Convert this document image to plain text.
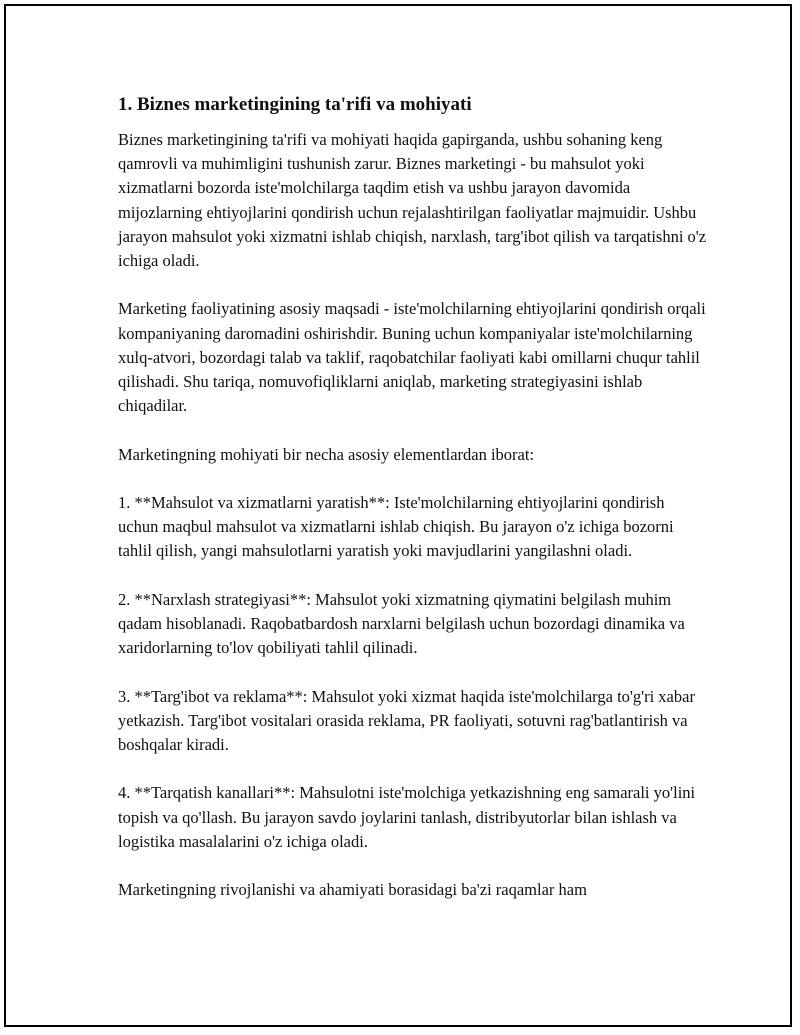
1. Biznes marketingining ta'rifi va mohiyati

Biznes marketingining ta'rifi va mohiyati haqida gapirganda, ushbu sohaning keng qamrovli va muhimligini tushunish zarur. Biznes marketingi - bu mahsulot yoki xizmatlarni bozorda iste'molchilarga taqdim etish va ushbu jarayon davomida mijozlarning ehtiyojlarini qondirish uchun rejalashtirilgan faoliyatlar majmuidir. Ushbu jarayon mahsulot yoki xizmatni ishlab chiqish, narxlash, targ'ibot qilish va tarqatishni o'z ichiga oladi.

Marketing faoliyatining asosiy maqsadi - iste'molchilarning ehtiyojlarini qondirish orqali kompaniyaning daromadini oshirishdir. Buning uchun kompaniyalar iste'molchilarning xulq-atvori, bozordagi talab va taklif, raqobatchilar faoliyati kabi omillarni chuqur tahlil qilishadi. Shu tariqa, nomuvofiqliklarni aniqlab, marketing strategiyasini ishlab chiqadilar.

Marketingning mohiyati bir necha asosiy elementlardan iborat:

1. **Mahsulot va xizmatlarni yaratish**: Iste'molchilarning ehtiyojlarini qondirish uchun maqbul mahsulot va xizmatlarni ishlab chiqish. Bu jarayon o'z ichiga bozorni tahlil qilish, yangi mahsulotlarni yaratish yoki mavjudlarini yangilashni oladi.

2. **Narxlash strategiyasi**: Mahsulot yoki xizmatning qiymatini belgilash muhim qadam hisoblanadi. Raqobatbardosh narxlarni belgilash uchun bozordagi dinamika va xaridorlarning to'lov qobiliyati tahlil qilinadi.

3. **Targ'ibot va reklama**: Mahsulot yoki xizmat haqida iste'molchilarga to'g'ri xabar yetkazish. Targ'ibot vositalari orasida reklama, PR faoliyati, sotuvni rag'batlantirish va boshqalar kiradi.

4. **Tarqatish kanallari**: Mahsulotni iste'molchiga yetkazishning eng samarali yo'lini topish va qo'llash. Bu jarayon savdo joylarini tanlash, distribyutorlar bilan ishlash va logistika masalalarini o'z ichiga oladi.

Marketingning rivojlanishi va ahamiyati borasidagi ba'zi raqamlar ham
